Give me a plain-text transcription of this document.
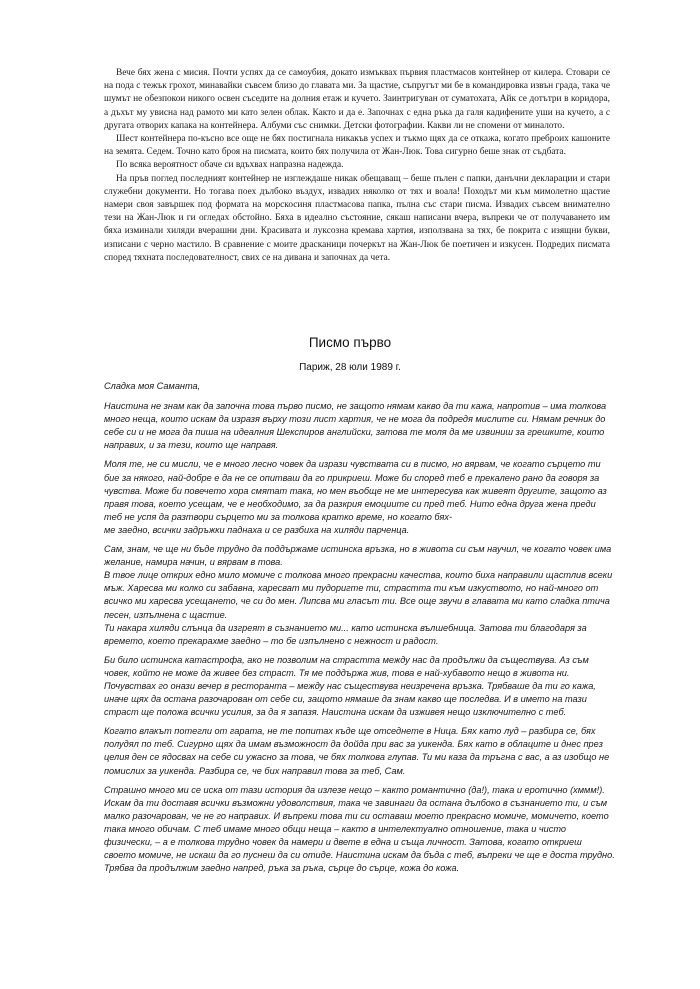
Вече бях жена с мисия. Почти успях да се самоубия, докато измъквах първия пластмасов контейнер от килера. Стовари се на пода с тежък грохот, минавайки съвсем близо до главата ми. За щастие, съпругът ми бе в командировка извън града, така че шумът не обезпокои никого освен съседите на долния етаж и кучето. Заинтригуван от суматохата, Айк се дотътри в коридора, а дъхът му увисна над рамото ми като зелен облак. Както и да е. Започнах с една ръка да галя кадифените уши на кучето, а с другата отворих капака на контейнера. Албуми със снимки. Детски фотографии. Какви ли не спомени от миналото.

Шест контейнера по-късно все още не бях постигнала никакъв успех и тъкмо щях да се откажа, когато преброих кашоните на земята. Седем. Точно като броя на писмата, които бях получила от Жан-Люк. Това сигурно беше знак от съдбата.

По всяка вероятност обаче си вдъхвах напразна надежда.

На пръв поглед последният контейнер не изглеждаше никак обещаващ – беше пълен с папки, данъчни декларации и стари служебни документи. Но тогава поех дълбоко въздух, извадих няколко от тях и воала! Походът ми към мимолетно щастие намери своя завършек под формата на морскосиня пластмасова папка, пълна със стари писма. Извадих съвсем внимателно тези на Жан-Люк и ги огледах обстойно. Бяха в идеално състояние, сякаш написани вчера, въпреки че от получаването им бяха изминали хиляди вчерашни дни. Красивата и луксозна кремава хартия, използвана за тях, бе покрита с изящни букви, изписани с черно мастило. В сравнение с моите драсканици почеркът на Жан-Люк бе поетичен и изкусен. Подредих писмата според тяхната последователност, свих се на дивана и започнах да чета.

Писмо първо
Париж, 28 юли 1989 г.

Сладка моя Саманта,

Наистина не знам как да започна това първо писмо, не защото нямам какво да ти кажа, напротив – има толкова много неща, които искам да изразя върху този лист хартия, че не мога да подредя мислите си. Нямам речник до себе си и не мога да пиша на идеалния Шекспиров английски, затова те моля да ме извиниш за грешките, които направих, и за тези, които ще направя.

Моля те, не си мисли, че е много лесно човек да изрази чувствата си в писмо, но вярвам, че когато сърцето ти бие за някого, най-добре е да не се опитваш да го прикриеш. Може би според теб е прекалено рано да говоря за чувства. Може би повечето хора смятат така, но мен въобще не ме интересува как живеят другите, защото аз правя това, което усещам, че е необходимо, за да разкрия емоциите си пред теб. Нито една друга жена преди теб не успя да разтвори сърцето ми за толкова кратко време, но когато бях-
ме заедно, всички задръжки паднаха и се разбиха на хиляди парченца.

Сам, знам, че ще ни бъде трудно да поддържаме истинска връзка, но в живота си съм научил, че когато човек има желание, намира начин, и вярвам в това.
В твое лице открих едно мило момиче с толкова много прекрасни качества, които биха направили щастлив всеки мъж. Харесва ми колко си забавна, харесват ми пудоригте ти, страстта ти към изкуството, но най-много от всичко ми харесва усещането, че си до мен. Липсва ми гласът ти. Все още звучи в главата ми като сладка птича песен, изпълнена с щастие.
Ти накара хиляди слънца да изгреят в съзнанието ми... като истинска вълшебница. Затова ти благодаря за времето, което прекарахме заедно – то бе изпълнено с нежност и радост.

Би било истинска катастрофа, ако не позволим на страстта между нас да продължи да съществува. Аз съм човек, който не може да живее без страст. Тя ме поддържа жив, това е най-хубавото нещо в живота ни. Почувствах го онази вечер в ресторанта – между нас съществува неизречена връзка. Трябваше да ти го кажа, иначе щях да остана разочарован от себе си, защото нямаше да знам какво ще последва. И в името на тази страст ще положа всички усилия, за да я запазя. Наистина искам да изживея нещо изключително с теб.

Когато влакът потегли от гарата, не те попитах къде ще отседнете в Ница. Бях като луд – разбира се, бях полудял по теб. Сигурно щях да имам възможност да дойда при вас за уикенда. Бях като в облаците и днес през целия ден се ядосвах на себе си ужасно за това, че бях толкова глупав. Ти ми каза да тръгна с вас, а аз изобщо не помислих за уикенда. Разбира се, че бих направил това за теб, Сам.

Страшно много ми се иска от тази история да излезе нещо – както романтично (да!), така и еротично (хммм!). Искам да ти доставя всички възможни удоволствия, така че завинаги да остана дълбоко в съзнанието ти, и съм малко разочарован, че не го направих. И въпреки това ти си оставаш моето прекрасно момиче, момичето, което така много обичам. С теб имаме много общи неща – както в интелектуално отношение, така и чисто физически, – а е толкова трудно човек да намери и двете в една и съща личност. Затова, когато откриеш своето момиче, не искаш да го пуснеш да си отиде. Наистина искам да бъда с теб, въпреки че ще е доста трудно. Трябва да продължим заедно напред, ръка за ръка, сърце до сърце, кожа до кожа.
